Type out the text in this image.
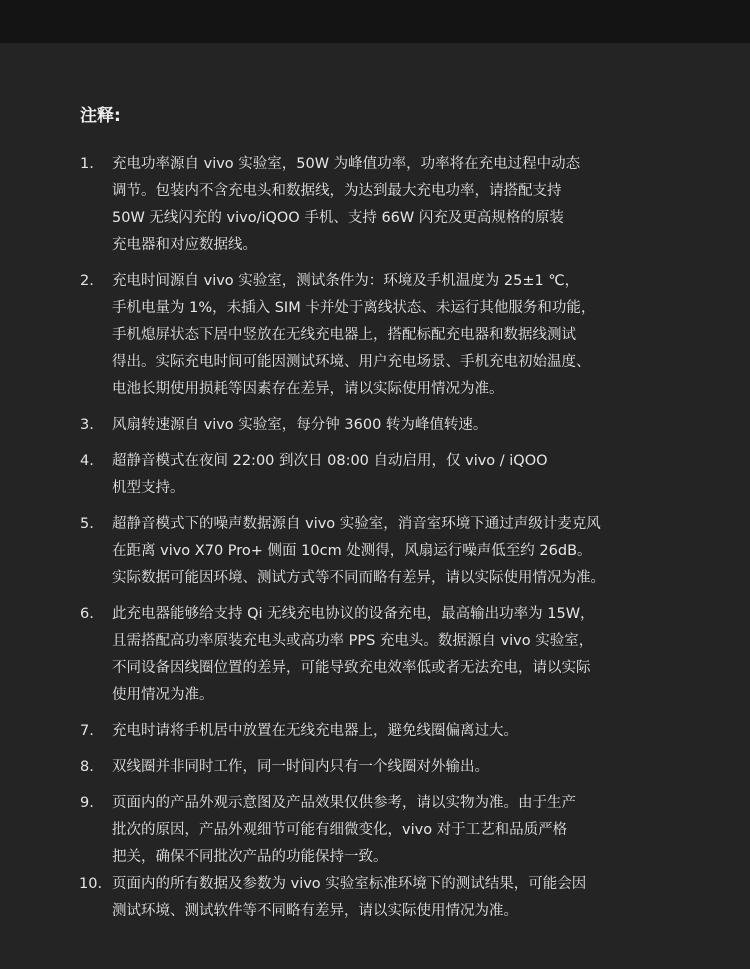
注释:
1.	充电功率源自 vivo 实验室，50W 为峰值功率，功率将在充电过程中动态
调节。包装内不含充电头和数据线，为达到最大充电功率，请搭配支持
50W 无线闪充的 vivo/iQOO 手机、支持 66W 闪充及更高规格的原装
充电器和对应数据线。
2.	充电时间源自 vivo 实验室，测试条件为：环境及手机温度为 25±1 ℃，
手机电量为 1%，未插入 SIM 卡并处于离线状态、未运行其他服务和功能，
手机熄屏状态下居中竖放在无线充电器上，搭配标配充电器和数据线测试
得出。实际充电时间可能因测试环境、用户充电场景、手机充电初始温度、
电池长期使用损耗等因素存在差异，请以实际使用情况为准。
3.	风扇转速源自 vivo 实验室，每分钟 3600 转为峰值转速。
4.	超静音模式在夜间 22:00 到次日 08:00 自动启用，仅 vivo / iQOO
机型支持。
5.	超静音模式下的噪声数据源自 vivo 实验室，消音室环境下通过声级计麦克风
在距离 vivo X70 Pro+ 侧面 10cm 处测得，风扇运行噪声低至约 26dB。
实际数据可能因环境、测试方式等不同而略有差异，请以实际使用情况为准。
6.	此充电器能够给支持 Qi 无线充电协议的设备充电，最高输出功率为 15W，
且需搭配高功率原装充电头或高功率 PPS 充电头。数据源自 vivo 实验室，
不同设备因线圈位置的差异，可能导致充电效率低或者无法充电，请以实际
使用情况为准。
7.	充电时请将手机居中放置在无线充电器上，避免线圈偏离过大。
8.	双线圈并非同时工作，同一时间内只有一个线圈对外输出。
9.	页面内的产品外观示意图及产品效果仅供参考，请以实物为准。由于生产
批次的原因，产品外观细节可能有细微变化，vivo 对于工艺和品质严格
把关，确保不同批次产品的功能保持一致。
10. 页面内的所有数据及参数为 vivo 实验室标准环境下的测试结果，可能会因
测试环境、测试软件等不同略有差异，请以实际使用情况为准。
